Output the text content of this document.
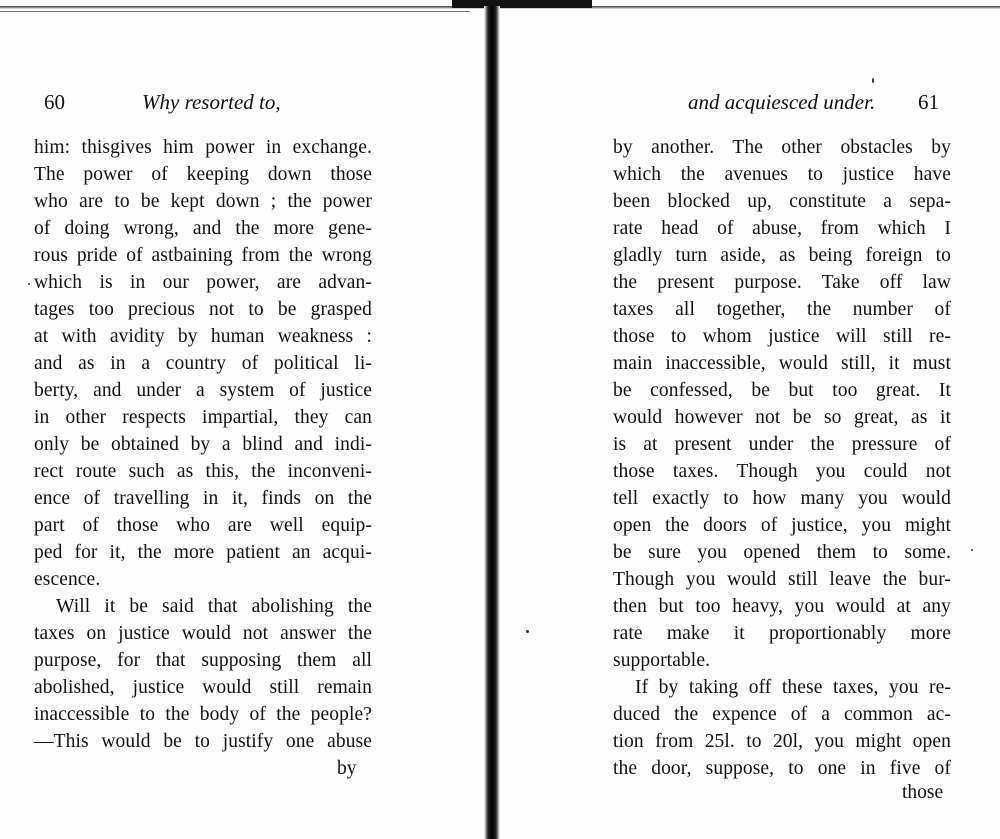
60	Why resorted to,
him: thisgives him power in exchange.
The power of keeping down those
who are to be kept down ; the power
of doing wrong, and the more gene-
rous pride of astbaining from the wrong
which is in our power, are advan-
tages too precious not to be grasped
at with avidity by human weakness :
and as in a country of political li-
berty, and under a system of justice
in other respects impartial, they can
only be obtained by a blind and indi-
rect route such as this, the inconveni-
ence of travelling in it, finds on the
part of those who are well equip-
ped for it, the more patient an acqui-
escence.
Will it be said that abolishing the
taxes on justice would not answer the
purpose, for that supposing them all
abolished, justice would still remain
inaccessible to the body of the people?
—This would be to justify one abuse
by
and acquiesced under. 61
by another. The other obstacles by
which the avenues to justice have
been blocked up, constitute a sepa-
rate head of abuse, from which I
gladly turn aside, as being foreign to
the present purpose. Take off law
taxes all together, the number of
those to whom justice will still re-
main inaccessible, would still, it must
be confessed, be but too great. It
would however not be so great, as it
is at present under the pressure of
those taxes. Though you could not
tell exactly to how many you would
open the doors of justice, you might
be sure you opened them to some.
Though you would still leave the bur-
then but too heavy, you would at any
rate make it proportionably more
supportable.
If by taking off these taxes, you re-
duced the expence of a common ac-
tion from 25l. to 20l, you might open
the door, suppose, to one in five of
those
